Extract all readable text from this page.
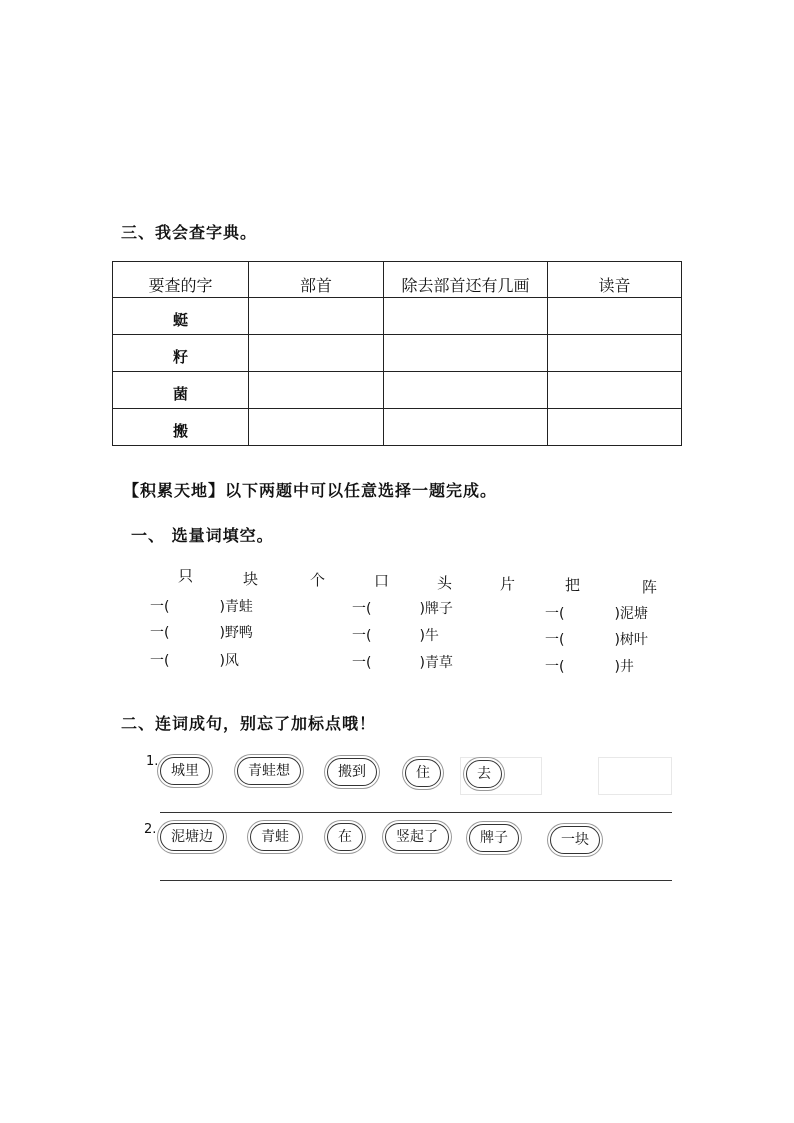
三、我会查字典。
要查的字	部首	除去部首还有几画	读音
蜓			
籽			
菌			
搬			
【积累天地】以下两题中可以任意选择一题完成。
一、 选量词填空。
只	块	个	口	头	片	把	阵
一(	)青蛙
一(	)野鸭
一(	)风
一(	)牌子
一(	)牛
一(	)青草
一(	)泥塘
一(	)树叶
一(	)井
二、连词成句，别忘了加标点哦！
1.
城里	青蛙想	搬到	住	去
2.	泥塘边	青蛙	在	竖起了	牌子	一块
